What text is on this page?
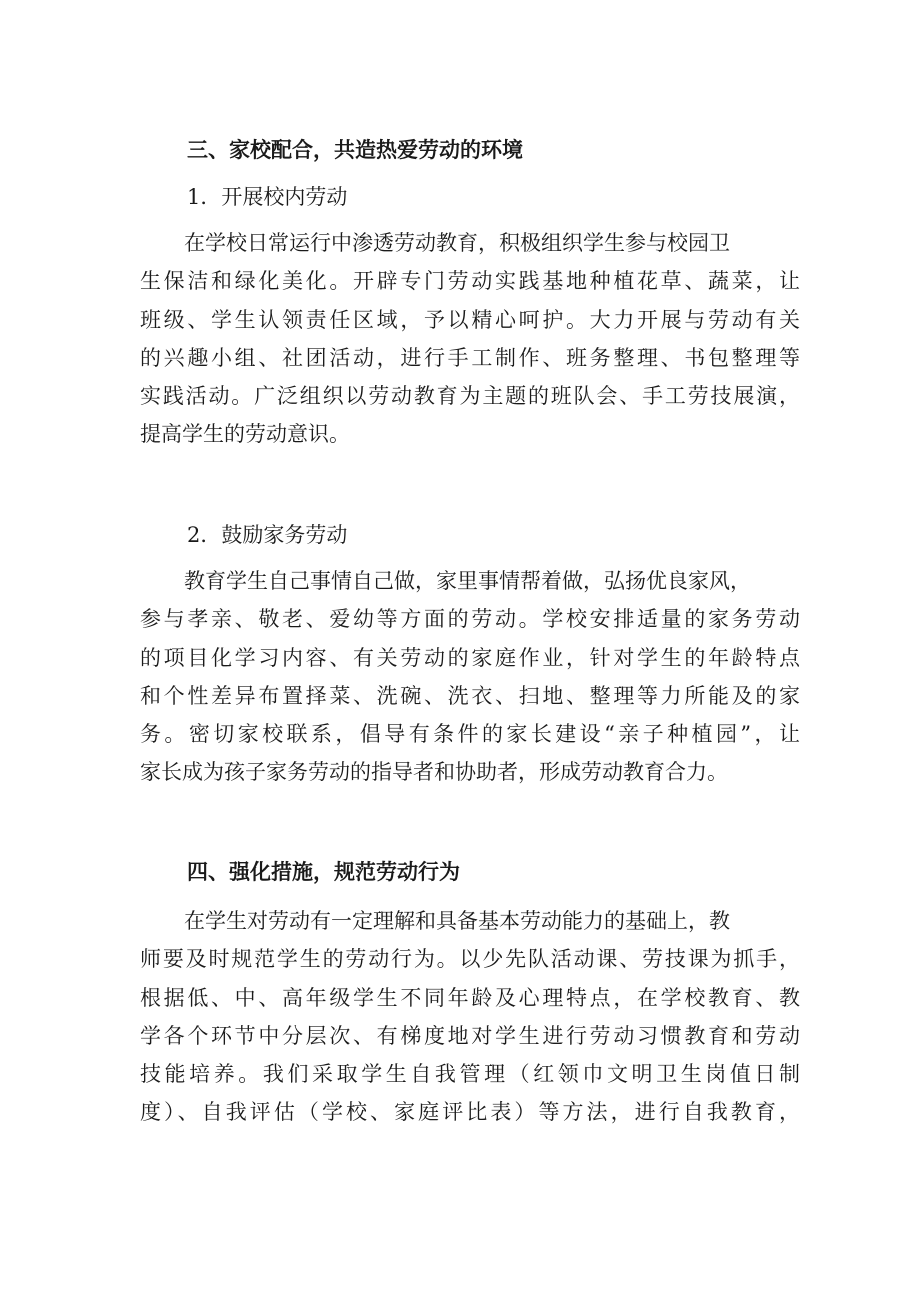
三、家校配合，共造热爱劳动的环境
1．开展校内劳动
在学校日常运行中渗透劳动教育，积极组织学生参与校园卫
生保洁和绿化美化。开辟专门劳动实践基地种植花草、蔬菜，让
班级、学生认领责任区域，予以精心呵护。大力开展与劳动有关
的兴趣小组、社团活动，进行手工制作、班务整理、书包整理等
实践活动。广泛组织以劳动教育为主题的班队会、手工劳技展演，
提高学生的劳动意识。
2．鼓励家务劳动
教育学生自己事情自己做，家里事情帮着做，弘扬优良家风，
参与孝亲、敬老、爱幼等方面的劳动。学校安排适量的家务劳动
的项目化学习内容、有关劳动的家庭作业，针对学生的年龄特点
和个性差异布置择菜、洗碗、洗衣、扫地、整理等力所能及的家
务。密切家校联系，倡导有条件的家长建设“亲子种植园”，让
家长成为孩子家务劳动的指导者和协助者，形成劳动教育合力。
四、强化措施，规范劳动行为
在学生对劳动有一定理解和具备基本劳动能力的基础上，教
师要及时规范学生的劳动行为。以少先队活动课、劳技课为抓手，
根据低、中、高年级学生不同年龄及心理特点，在学校教育、教
学各个环节中分层次、有梯度地对学生进行劳动习惯教育和劳动
技能培养。我们采取学生自我管理（红领巾文明卫生岗值日制
度）、自我评估（学校、家庭评比表）等方法，进行自我教育，
